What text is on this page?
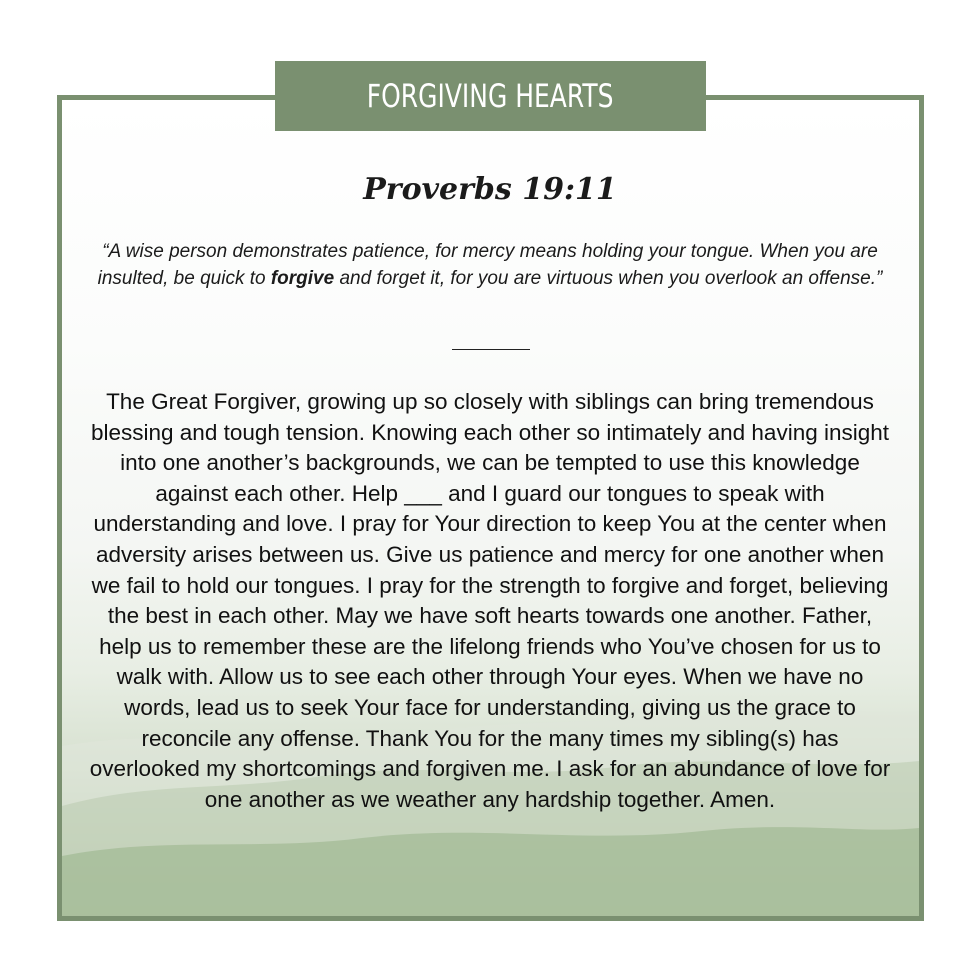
FORGIVING HEARTS
Proverbs 19:11
“A wise person demonstrates patience, for mercy means holding your tongue. When you are insulted, be quick to forgive and forget it, for you are virtuous when you overlook an offense.”
The Great Forgiver, growing up so closely with siblings can bring tremendous blessing and tough tension. Knowing each other so intimately and having insight into one another’s backgrounds, we can be tempted to use this knowledge against each other. Help ___ and I guard our tongues to speak with understanding and love. I pray for Your direction to keep You at the center when adversity arises between us. Give us patience and mercy for one another when we fail to hold our tongues. I pray for the strength to forgive and forget, believing the best in each other. May we have soft hearts towards one another. Father, help us to remember these are the lifelong friends who You’ve chosen for us to walk with. Allow us to see each other through Your eyes. When we have no words, lead us to seek Your face for understanding, giving us the grace to reconcile any offense. Thank You for the many times my sibling(s) has overlooked my shortcomings and forgiven me. I ask for an abundance of love for one another as we weather any hardship together. Amen.
